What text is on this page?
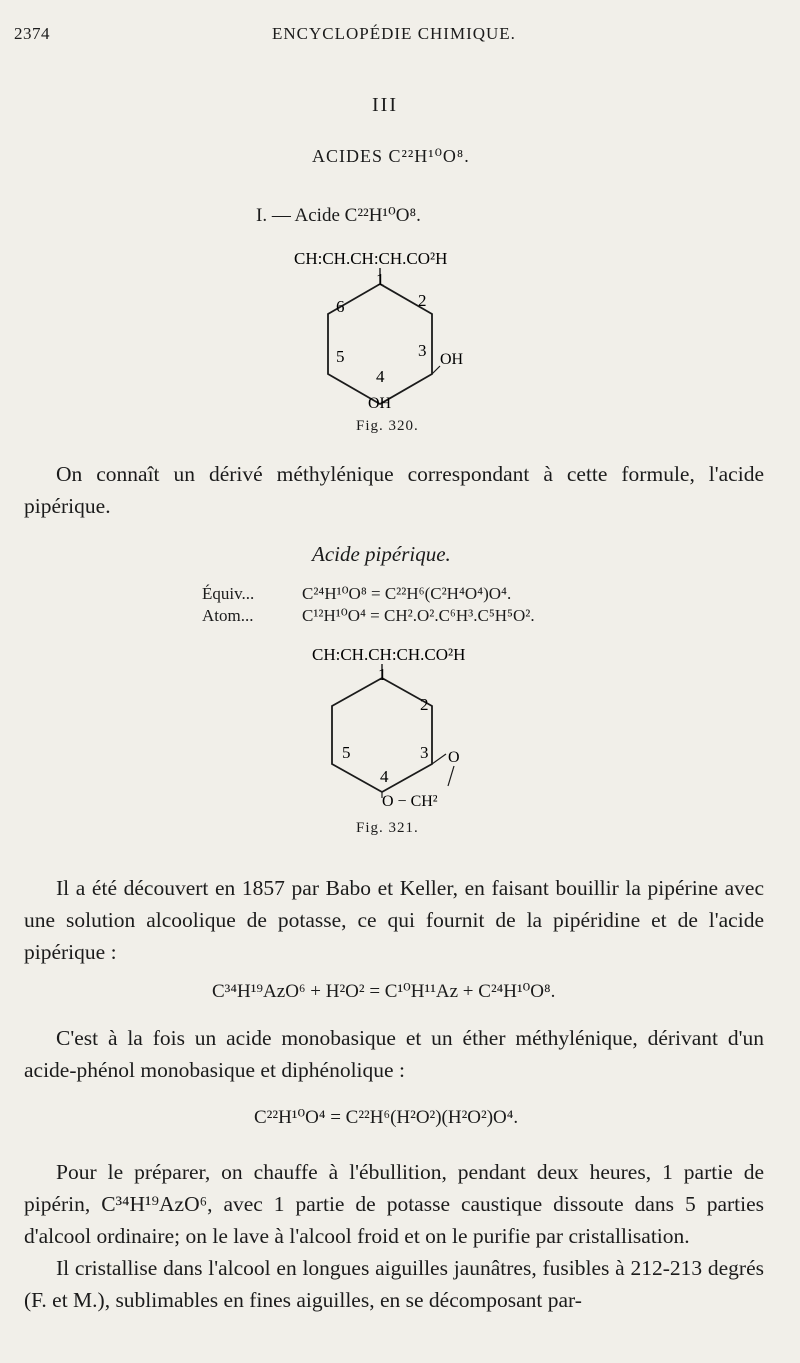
2374	ENCYCLOPÉDIE CHIMIQUE.
III
ACIDES C²²H¹⁰O⁸.
I. — Acide C²²H¹⁰O⁸.
CH:CH.CH:CH.CO²H
1
2
3
4
5
6
OH
OH
Fig. 320.
On connaît un dérivé méthylénique correspondant à cette formule, l'acide pipérique.
Acide pipérique.
Équiv...	C²⁴H¹⁰O⁸ = C²²H⁶(C²H⁴O⁴)O⁴.
Atom...	C¹²H¹⁰O⁴ = CH².O².C⁶H³.C⁵H⁵O².
CH:CH.CH:CH.CO²H
1
2
3
4
5	O
O − CH²
Fig. 321.
Il a été découvert en 1857 par Babo et Keller, en faisant bouillir la pipérine avec une solution alcoolique de potasse, ce qui fournit de la pipéridine et de l'acide pipérique :
C³⁴H¹⁹AzO⁶ + H²O² = C¹⁰H¹¹Az + C²⁴H¹⁰O⁸.
C'est à la fois un acide monobasique et un éther méthylénique, dérivant d'un acide-phénol monobasique et diphénolique :
C²²H¹⁰O⁴ = C²²H⁶(H²O²)(H²O²)O⁴.
Pour le préparer, on chauffe à l'ébullition, pendant deux heures, 1 partie de pipérin, C³⁴H¹⁹AzO⁶, avec 1 partie de potasse caustique dissoute dans 5 parties d'alcool ordinaire; on le lave à l'alcool froid et on le purifie par cristallisation.
Il cristallise dans l'alcool en longues aiguilles jaunâtres, fusibles à 212-213 degrés (F. et M.), sublimables en fines aiguilles, en se décomposant par-
